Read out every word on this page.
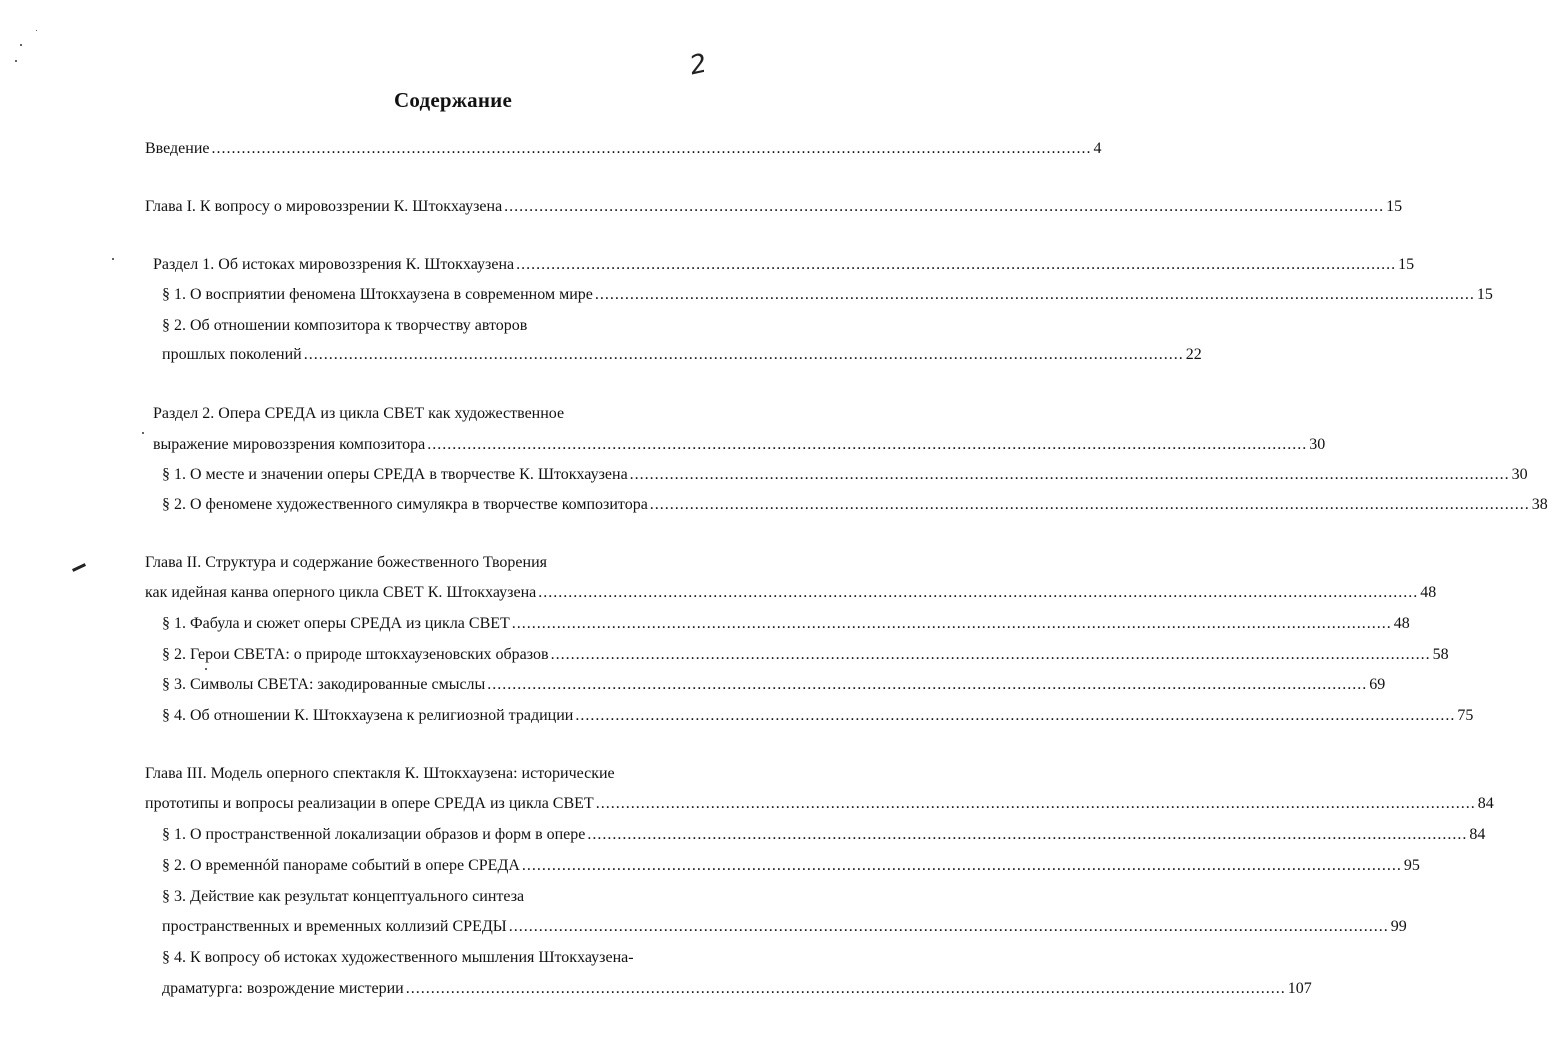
2
Содержание
Введение ................................................................................................................................................................................ 4
Глава I. К вопросу о мировоззрении К. Штокхаузена ................................................................................................................................................................................ 15
Раздел 1. Об истоках мировоззрения К. Штокхаузена ................................................................................................................................................................................ 15
§ 1. О восприятии феномена Штокхаузена в современном мире ................................................................................................................................................................................ 15
§ 2. Об отношении композитора к творчеству авторов
прошлых поколений ................................................................................................................................................................................ 22
Раздел 2. Опера СРЕДА из цикла СВЕТ как художественное
выражение мировоззрения композитора ................................................................................................................................................................................ 30
§ 1. О месте и значении оперы СРЕДА в творчестве К. Штокхаузена ................................................................................................................................................................................ 30
§ 2. О феномене художественного симулякра в творчестве композитора ................................................................................................................................................................................ 38
Глава II. Структура и содержание божественного Творения
как идейная канва оперного цикла СВЕТ К. Штокхаузена ................................................................................................................................................................................ 48
§ 1. Фабула и сюжет оперы СРЕДА из цикла СВЕТ ................................................................................................................................................................................ 48
§ 2. Герои СВЕТА: о природе штокхаузеновских образов ................................................................................................................................................................................ 58
§ 3. Символы СВЕТА: закодированные смыслы ................................................................................................................................................................................ 69
§ 4. Об отношении К. Штокхаузена к религиозной традиции ................................................................................................................................................................................ 75
Глава III. Модель оперного спектакля К. Штокхаузена: исторические
прототипы и вопросы реализации в опере СРЕДА из цикла СВЕТ ................................................................................................................................................................................ 84
§ 1. О пространственной локализации образов и форм в опере ................................................................................................................................................................................ 84
§ 2. О временнóй панораме событий в опере СРЕДА ................................................................................................................................................................................ 95
§ 3. Действие как результат концептуального синтеза
пространственных и временных коллизий СРЕДЫ ................................................................................................................................................................................ 99
§ 4. К вопросу об истоках художественного мышления Штокхаузена-
драматурга: возрождение мистерии ................................................................................................................................................................................ 107
